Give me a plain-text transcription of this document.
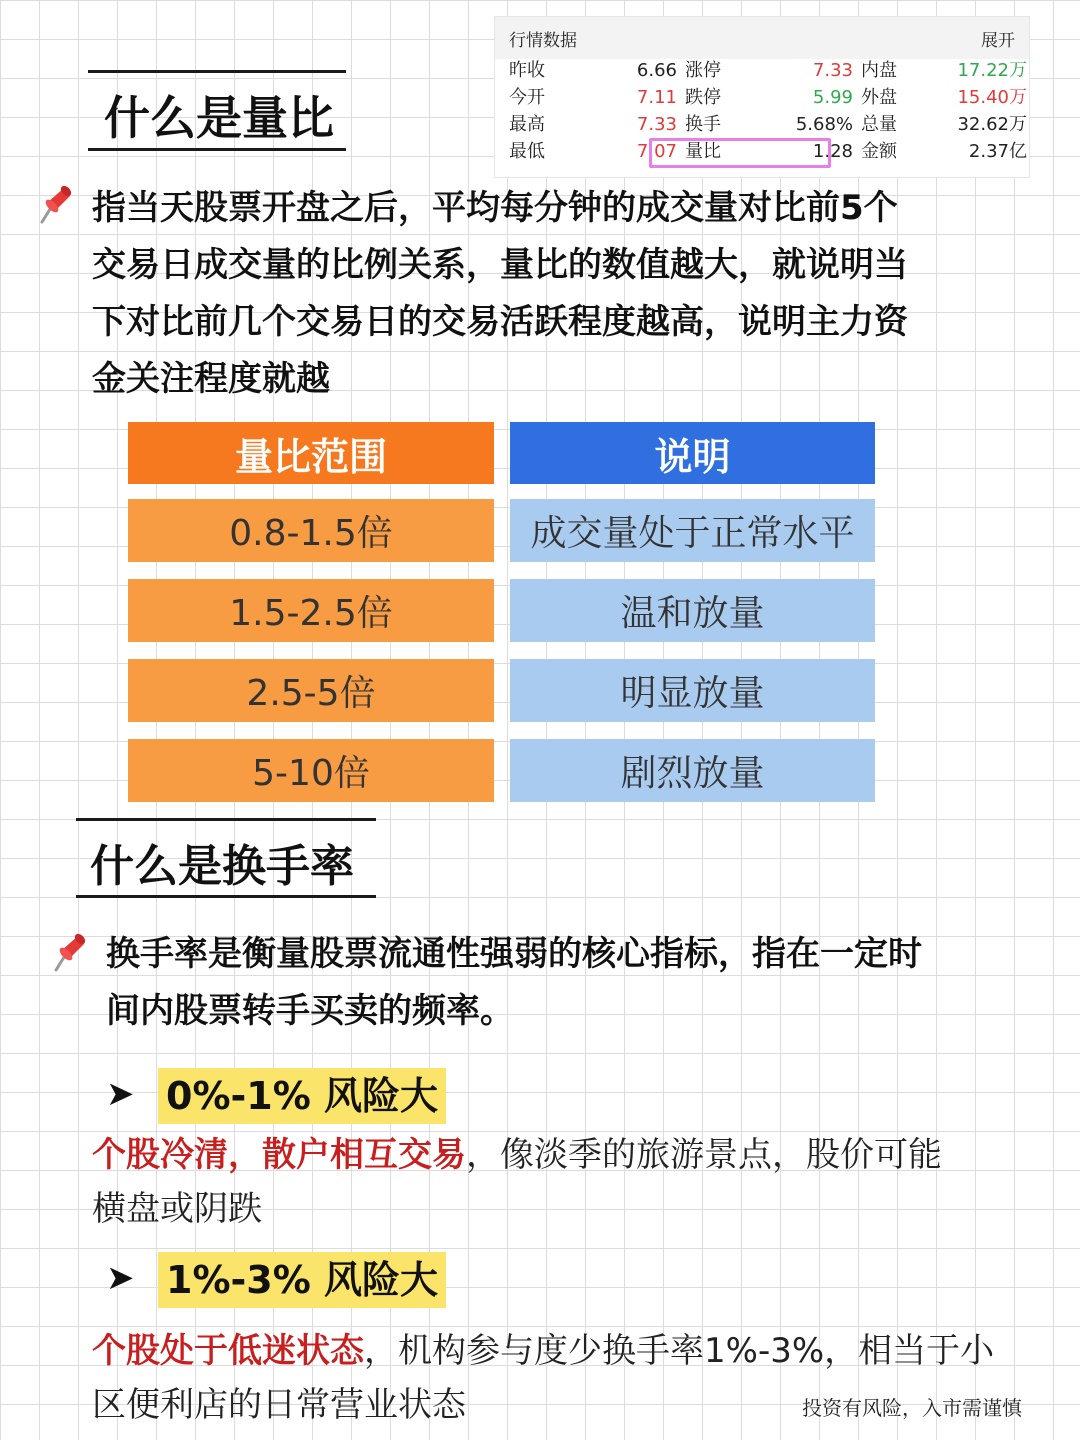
行情数据	展开
昨收	6.66 涨停	7.33 内盘	17.22万
今开	7.11 跌停	5.99 外盘	15.40万
最高	7.33 换手	5.68% 总量	32.62万
最低	7.07 量比	1.28 金额	2.37亿
什么是量比
指当天股票开盘之后，平均每分钟的成交量对比前5个
交易日成交量的比例关系，量比的数值越大，就说明当
下对比前几个交易日的交易活跃程度越高，说明主力资
金关注程度就越
量比范围	说明
0.8-1.5倍	成交量处于正常水平
1.5-2.5倍	温和放量
2.5-5倍	明显放量
5-10倍	剧烈放量
什么是换手率
换手率是衡量股票流通性强弱的核心指标，指在一定时
间内股票转手买卖的频率。
➤ 0%-1% 风险大
个股冷清，散户相互交易，像淡季的旅游景点，股价可能
横盘或阴跌
➤ 1%-3% 风险大
个股处于低迷状态，机构参与度少换手率1%-3%，相当于小
区便利店的日常营业状态	投资有风险，入市需谨慎
